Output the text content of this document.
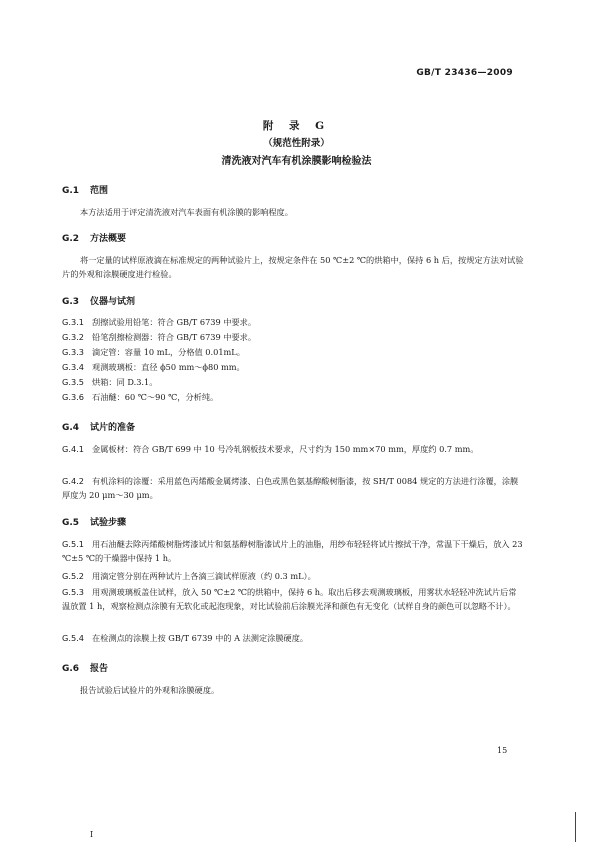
GB/T 23436—2009
附 录 G
（规范性附录）
清洗液对汽车有机涂膜影响检验法
G.1 范围
本方法适用于评定清洗液对汽车表面有机涂膜的影响程度。
G.2 方法概要
将一定量的试样原液滴在标准规定的两种试验片上，按规定条件在 50 ℃±2 ℃的烘箱中，保持 6 h 后，按规定方法对试验片的外观和涂膜硬度进行检验。
G.3 仪器与试剂
G.3.1 刮擦试验用铅笔：符合 GB/T 6739 中要求。
G.3.2 铅笔刮擦检测器：符合 GB/T 6739 中要求。
G.3.3 滴定管：容量 10 mL，分格值 0.01mL。
G.3.4 观测玻璃板：直径 ϕ50 mm～ϕ80 mm。
G.3.5 烘箱：同 D.3.1。
G.3.6 石油醚：60 ℃～90 ℃，分析纯。
G.4 试片的准备
G.4.1 金属板材：符合 GB/T 699 中 10 号冷轧钢板技术要求，尺寸约为 150 mm×70 mm，厚度约 0.7 mm。
G.4.2 有机涂料的涂覆：采用蓝色丙烯酸金属烤漆、白色或黑色氨基醇酸树脂漆，按 SH/T 0084 规定的方法进行涂覆，涂膜厚度为 20 μm～30 μm。
G.5 试验步骤
G.5.1 用石油醚去除丙烯酸树脂烤漆试片和氨基醇树脂漆试片上的油脂，用纱布轻轻将试片擦拭干净，常温下干燥后，放入 23 ℃±5 ℃的干燥器中保持 1 h。
G.5.2 用滴定管分别在两种试片上各滴三滴试样原液（约 0.3 mL）。
G.5.3 用观测玻璃板盖住试样，放入 50 ℃±2 ℃的烘箱中，保持 6 h。取出后移去观测玻璃板，用雾状水轻轻冲洗试片后常温放置 1 h，观察检测点涂膜有无软化或起泡现象，对比试验前后涂膜光泽和颜色有无变化（试样自身的颜色可以忽略不计）。
G.5.4 在检测点的涂膜上按 GB/T 6739 中的 A 法测定涂膜硬度。
G.6 报告
报告试验后试验片的外观和涂膜硬度。
15
I
